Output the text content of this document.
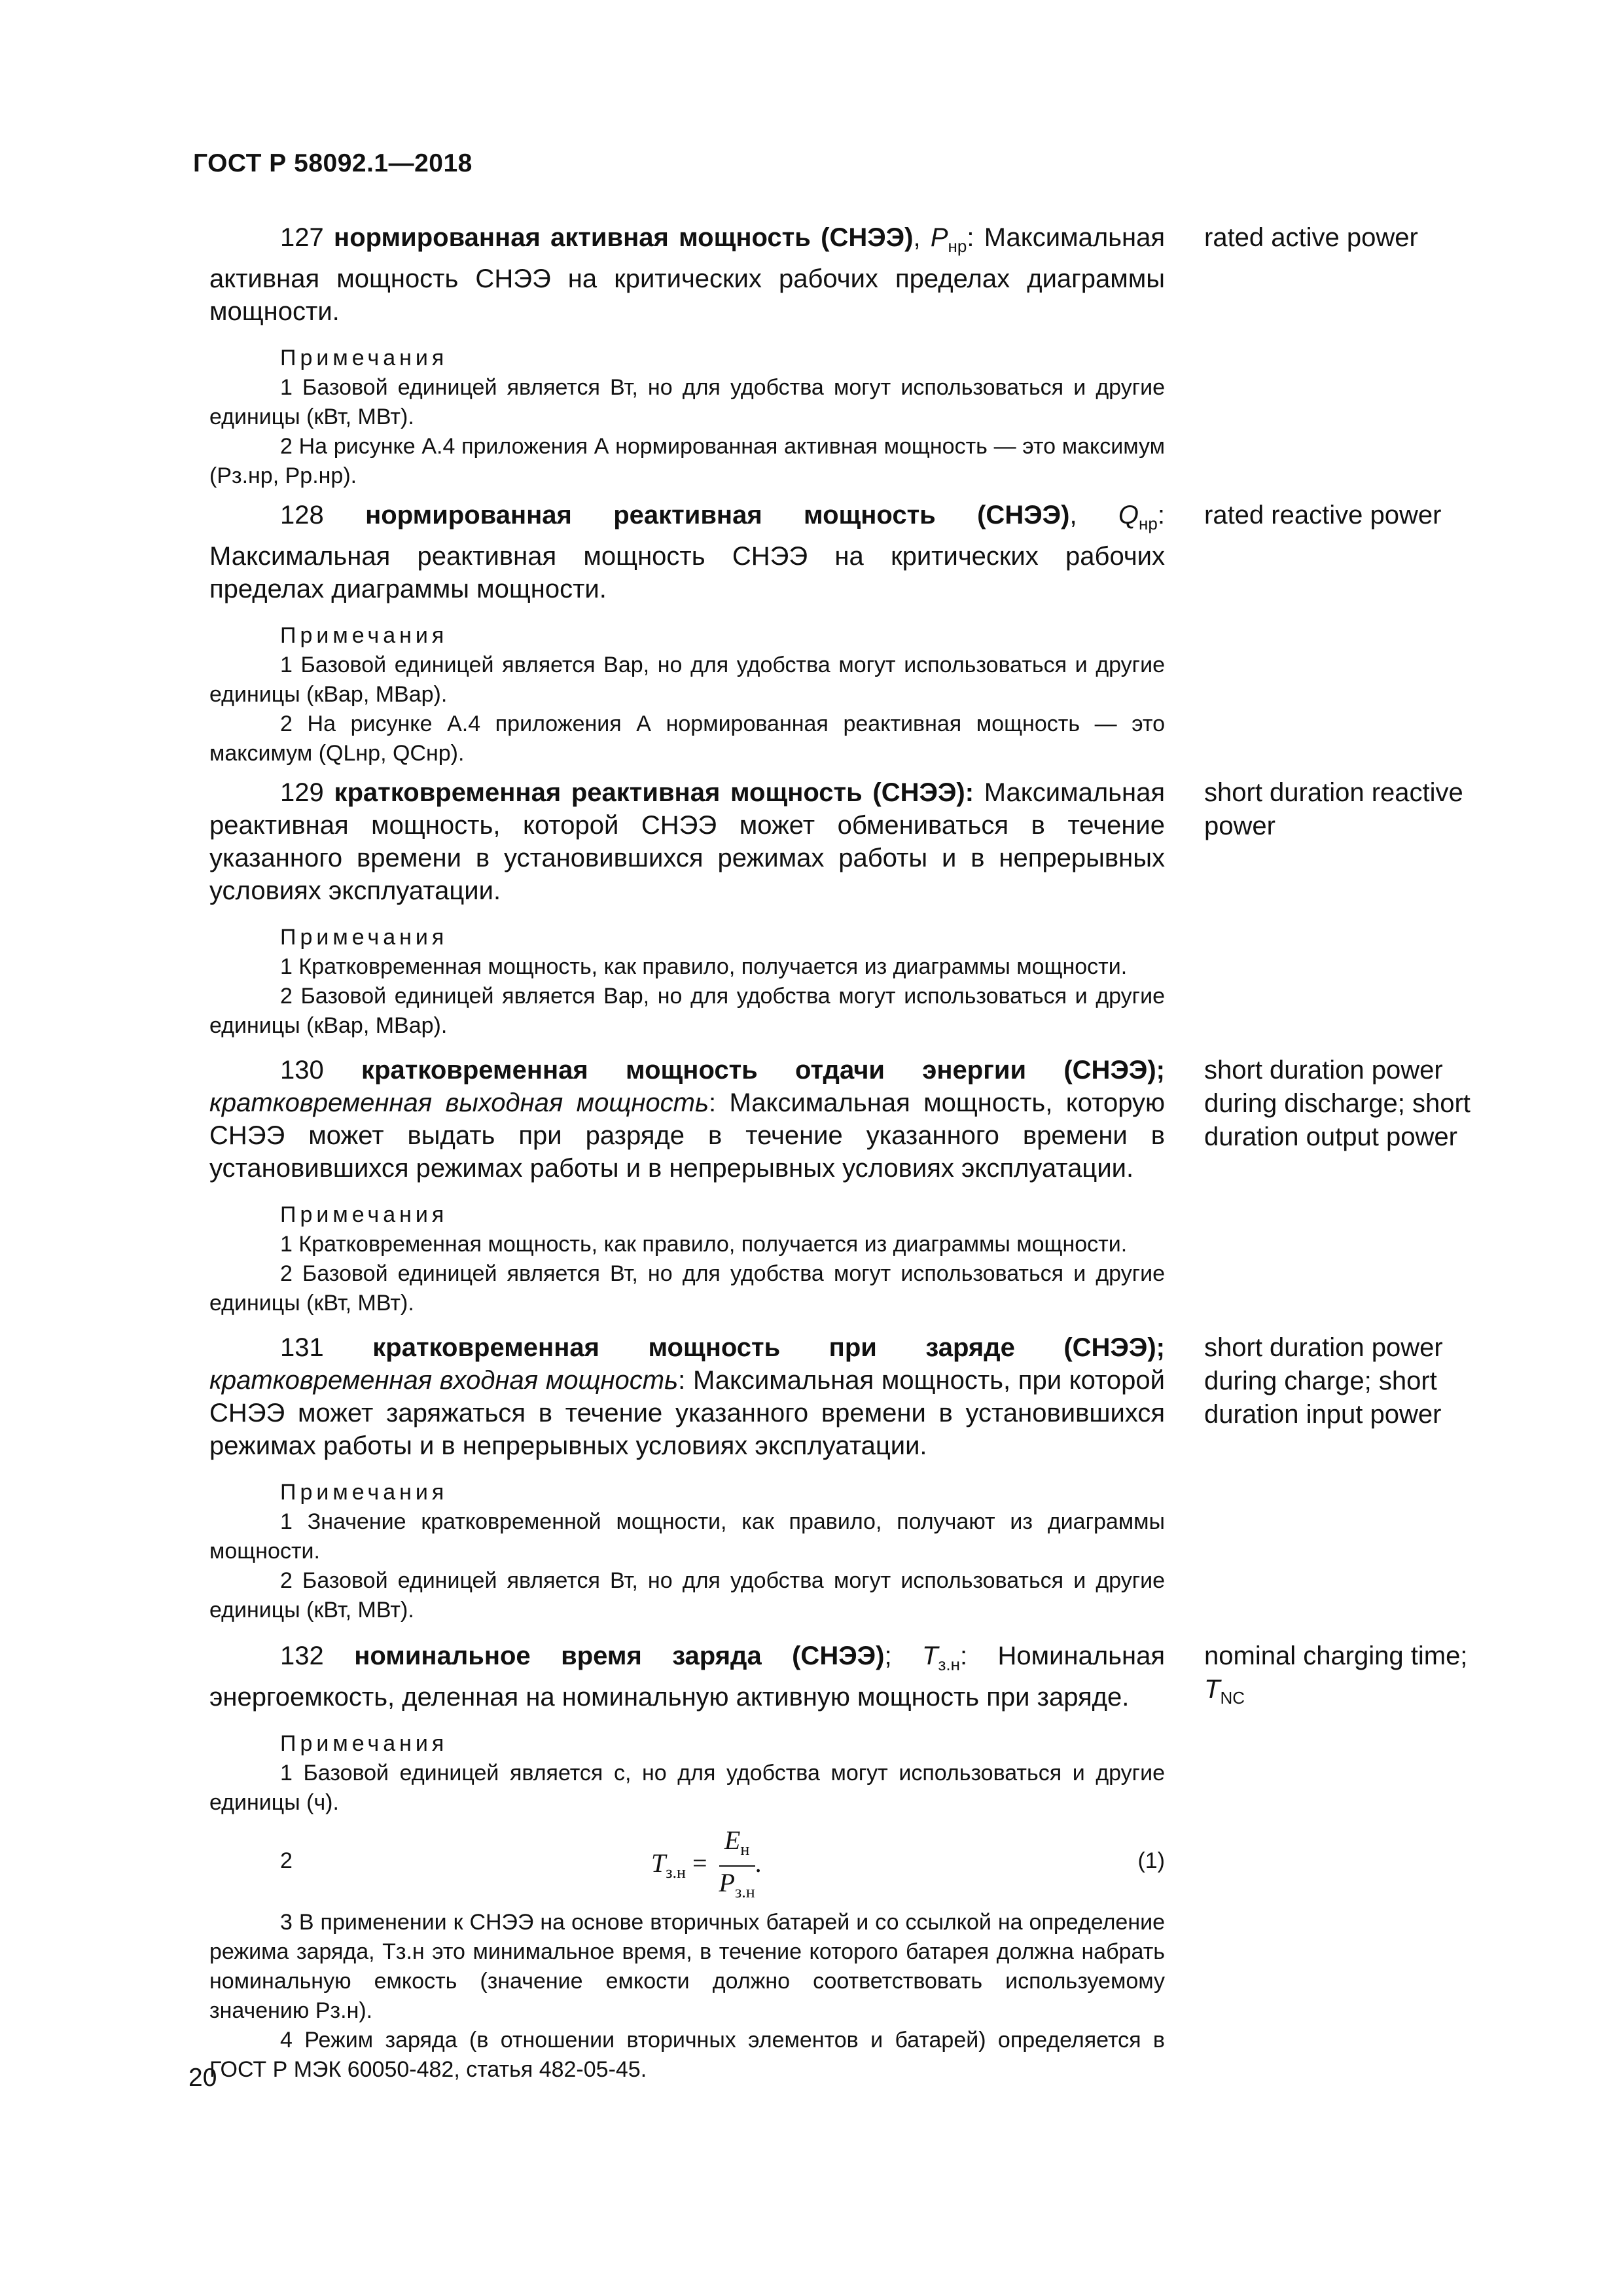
ГОСТ Р 58092.1—2018

127 нормированная активная мощность (СНЭЭ), $P_{нр}$: Максимальная активная мощность СНЭЭ на критических рабочих пределах диаграммы мощности.

Примечания

1 Базовой единицей является Вт, но для удобства могут использоваться и другие единицы (кВт, МВт).

2 На рисунке А.4 приложения А нормированная активная мощность — это максимум (Pз.нр, Pр.нр).

rated active power

128 нормированная реактивная мощность (СНЭЭ), $Q_{нр}$: Максимальная реактивная мощность СНЭЭ на критических рабочих пределах диаграммы мощности.

Примечания

1 Базовой единицей является Вар, но для удобства могут использоваться и другие единицы (кВар, МВар).

2 На рисунке А.4 приложения А нормированная реактивная мощность — это максимум (QLнр, QCнр).

rated reactive power

129 кратковременная реактивная мощность (СНЭЭ): Максимальная реактивная мощность, которой СНЭЭ может обмениваться в течение указанного времени в установившихся режимах работы и в непрерывных условиях эксплуатации.

Примечания

1 Кратковременная мощность, как правило, получается из диаграммы мощности.

2 Базовой единицей является Вар, но для удобства могут использоваться и другие единицы (кВар, МВар).

short duration reactive power

130 кратковременная мощность отдачи энергии (СНЭЭ); кратковременная выходная мощность: Максимальная мощность, которую СНЭЭ может выдать при разряде в течение указанного времени в установившихся режимах работы и в непрерывных условиях эксплуатации.

Примечания

1 Кратковременная мощность, как правило, получается из диаграммы мощности.

2 Базовой единицей является Вт, но для удобства могут использоваться и другие единицы (кВт, МВт).

short duration power during discharge; short duration output power

131 кратковременная мощность при заряде (СНЭЭ); кратковременная входная мощность: Максимальная мощность, при которой СНЭЭ может заряжаться в течение указанного времени в установившихся режимах работы и в непрерывных условиях эксплуатации.

Примечания

1 Значение кратковременной мощности, как правило, получают из диаграммы мощности.

2 Базовой единицей является Вт, но для удобства могут использоваться и другие единицы (кВт, МВт).

short duration power during charge; short duration input power

132 номинальное время заряда (СНЭЭ); $T_{з.н}$: Номинальная энергоемкость, деленная на номинальную активную мощность при заряде.

Примечания

1 Базовой единицей является с, но для удобства могут использоваться и другие единицы (ч).

2	$T_{з.н} = \frac{E_н}{P_{з.н}}$ .	(1)

3 В применении к СНЭЭ на основе вторичных батарей и со ссылкой на определение режима заряда, Tз.н это минимальное время, в течение которого батарея должна набрать номинальную емкость (значение емкости должно соответствовать используемому значению Pз.н).

4 Режим заряда (в отношении вторичных элементов и батарей) определяется в ГОСТ Р МЭК 60050-482, статья 482-05-45.

nominal charging time;
$T_{NC}$
20
